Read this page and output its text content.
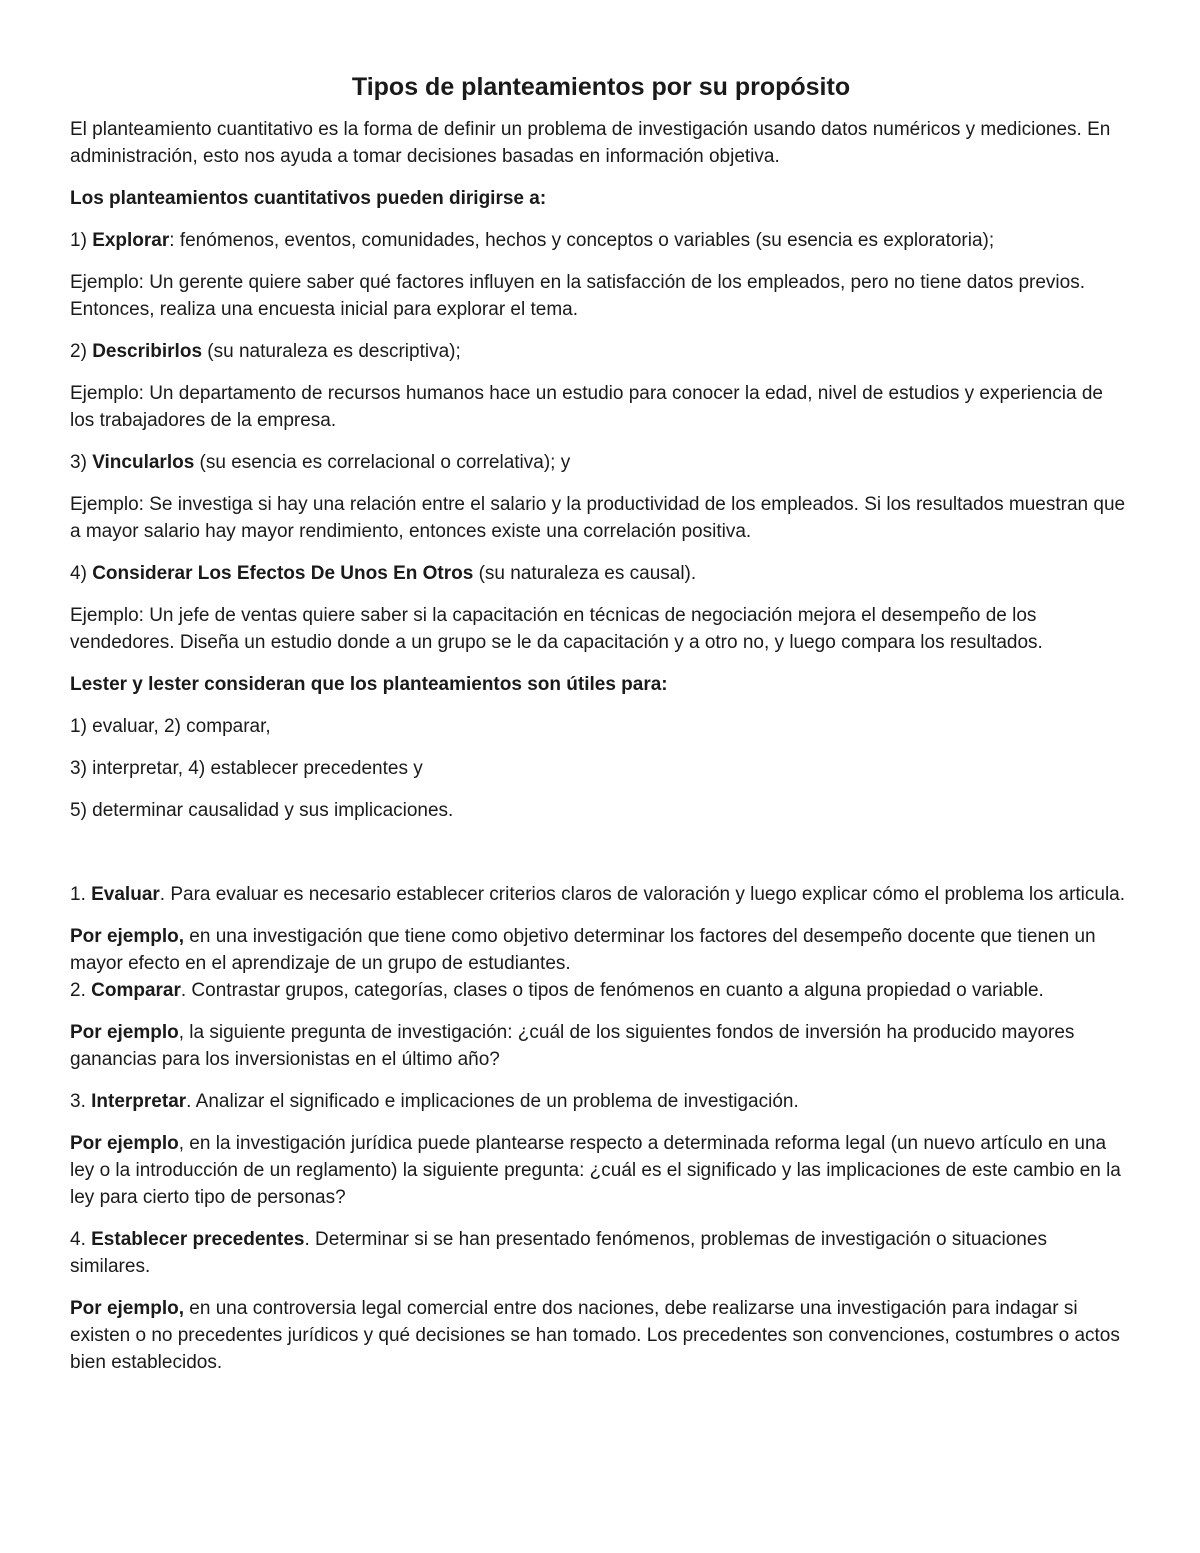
Tipos de planteamientos por su propósito

El planteamiento cuantitativo es la forma de definir un problema de investigación usando datos numéricos y mediciones. En administración, esto nos ayuda a tomar decisiones basadas en información objetiva.

Los planteamientos cuantitativos pueden dirigirse a:

1) Explorar: fenómenos, eventos, comunidades, hechos y conceptos o variables (su esencia es exploratoria);

Ejemplo: Un gerente quiere saber qué factores influyen en la satisfacción de los empleados, pero no tiene datos previos. Entonces, realiza una encuesta inicial para explorar el tema.

2) Describirlos (su naturaleza es descriptiva);

Ejemplo: Un departamento de recursos humanos hace un estudio para conocer la edad, nivel de estudios y experiencia de los trabajadores de la empresa.

3) Vincularlos (su esencia es correlacional o correlativa); y

Ejemplo: Se investiga si hay una relación entre el salario y la productividad de los empleados. Si los resultados muestran que a mayor salario hay mayor rendimiento, entonces existe una correlación positiva.

4) Considerar Los Efectos De Unos En Otros (su naturaleza es causal).

Ejemplo: Un jefe de ventas quiere saber si la capacitación en técnicas de negociación mejora el desempeño de los vendedores. Diseña un estudio donde a un grupo se le da capacitación y a otro no, y luego compara los resultados.

Lester y lester consideran que los planteamientos son útiles para:

1) evaluar, 2) comparar,

3) interpretar, 4) establecer precedentes y

5) determinar causalidad y sus implicaciones.

1. Evaluar. Para evaluar es necesario establecer criterios claros de valoración y luego explicar cómo el problema los articula.

Por ejemplo, en una investigación que tiene como objetivo determinar los factores del desempeño docente que tienen un mayor efecto en el aprendizaje de un grupo de estudiantes.

2. Comparar. Contrastar grupos, categorías, clases o tipos de fenómenos en cuanto a alguna propiedad o variable.

Por ejemplo, la siguiente pregunta de investigación: ¿cuál de los siguientes fondos de inversión ha producido mayores ganancias para los inversionistas en el último año?

3. Interpretar. Analizar el significado e implicaciones de un problema de investigación.

Por ejemplo, en la investigación jurídica puede plantearse respecto a determinada reforma legal (un nuevo artículo en una ley o la introducción de un reglamento) la siguiente pregunta: ¿cuál es el significado y las implicaciones de este cambio en la ley para cierto tipo de personas?

4. Establecer precedentes. Determinar si se han presentado fenómenos, problemas de investigación o situaciones similares.

Por ejemplo, en una controversia legal comercial entre dos naciones, debe realizarse una investigación para indagar si existen o no precedentes jurídicos y qué decisiones se han tomado. Los precedentes son convenciones, costumbres o actos bien establecidos.
